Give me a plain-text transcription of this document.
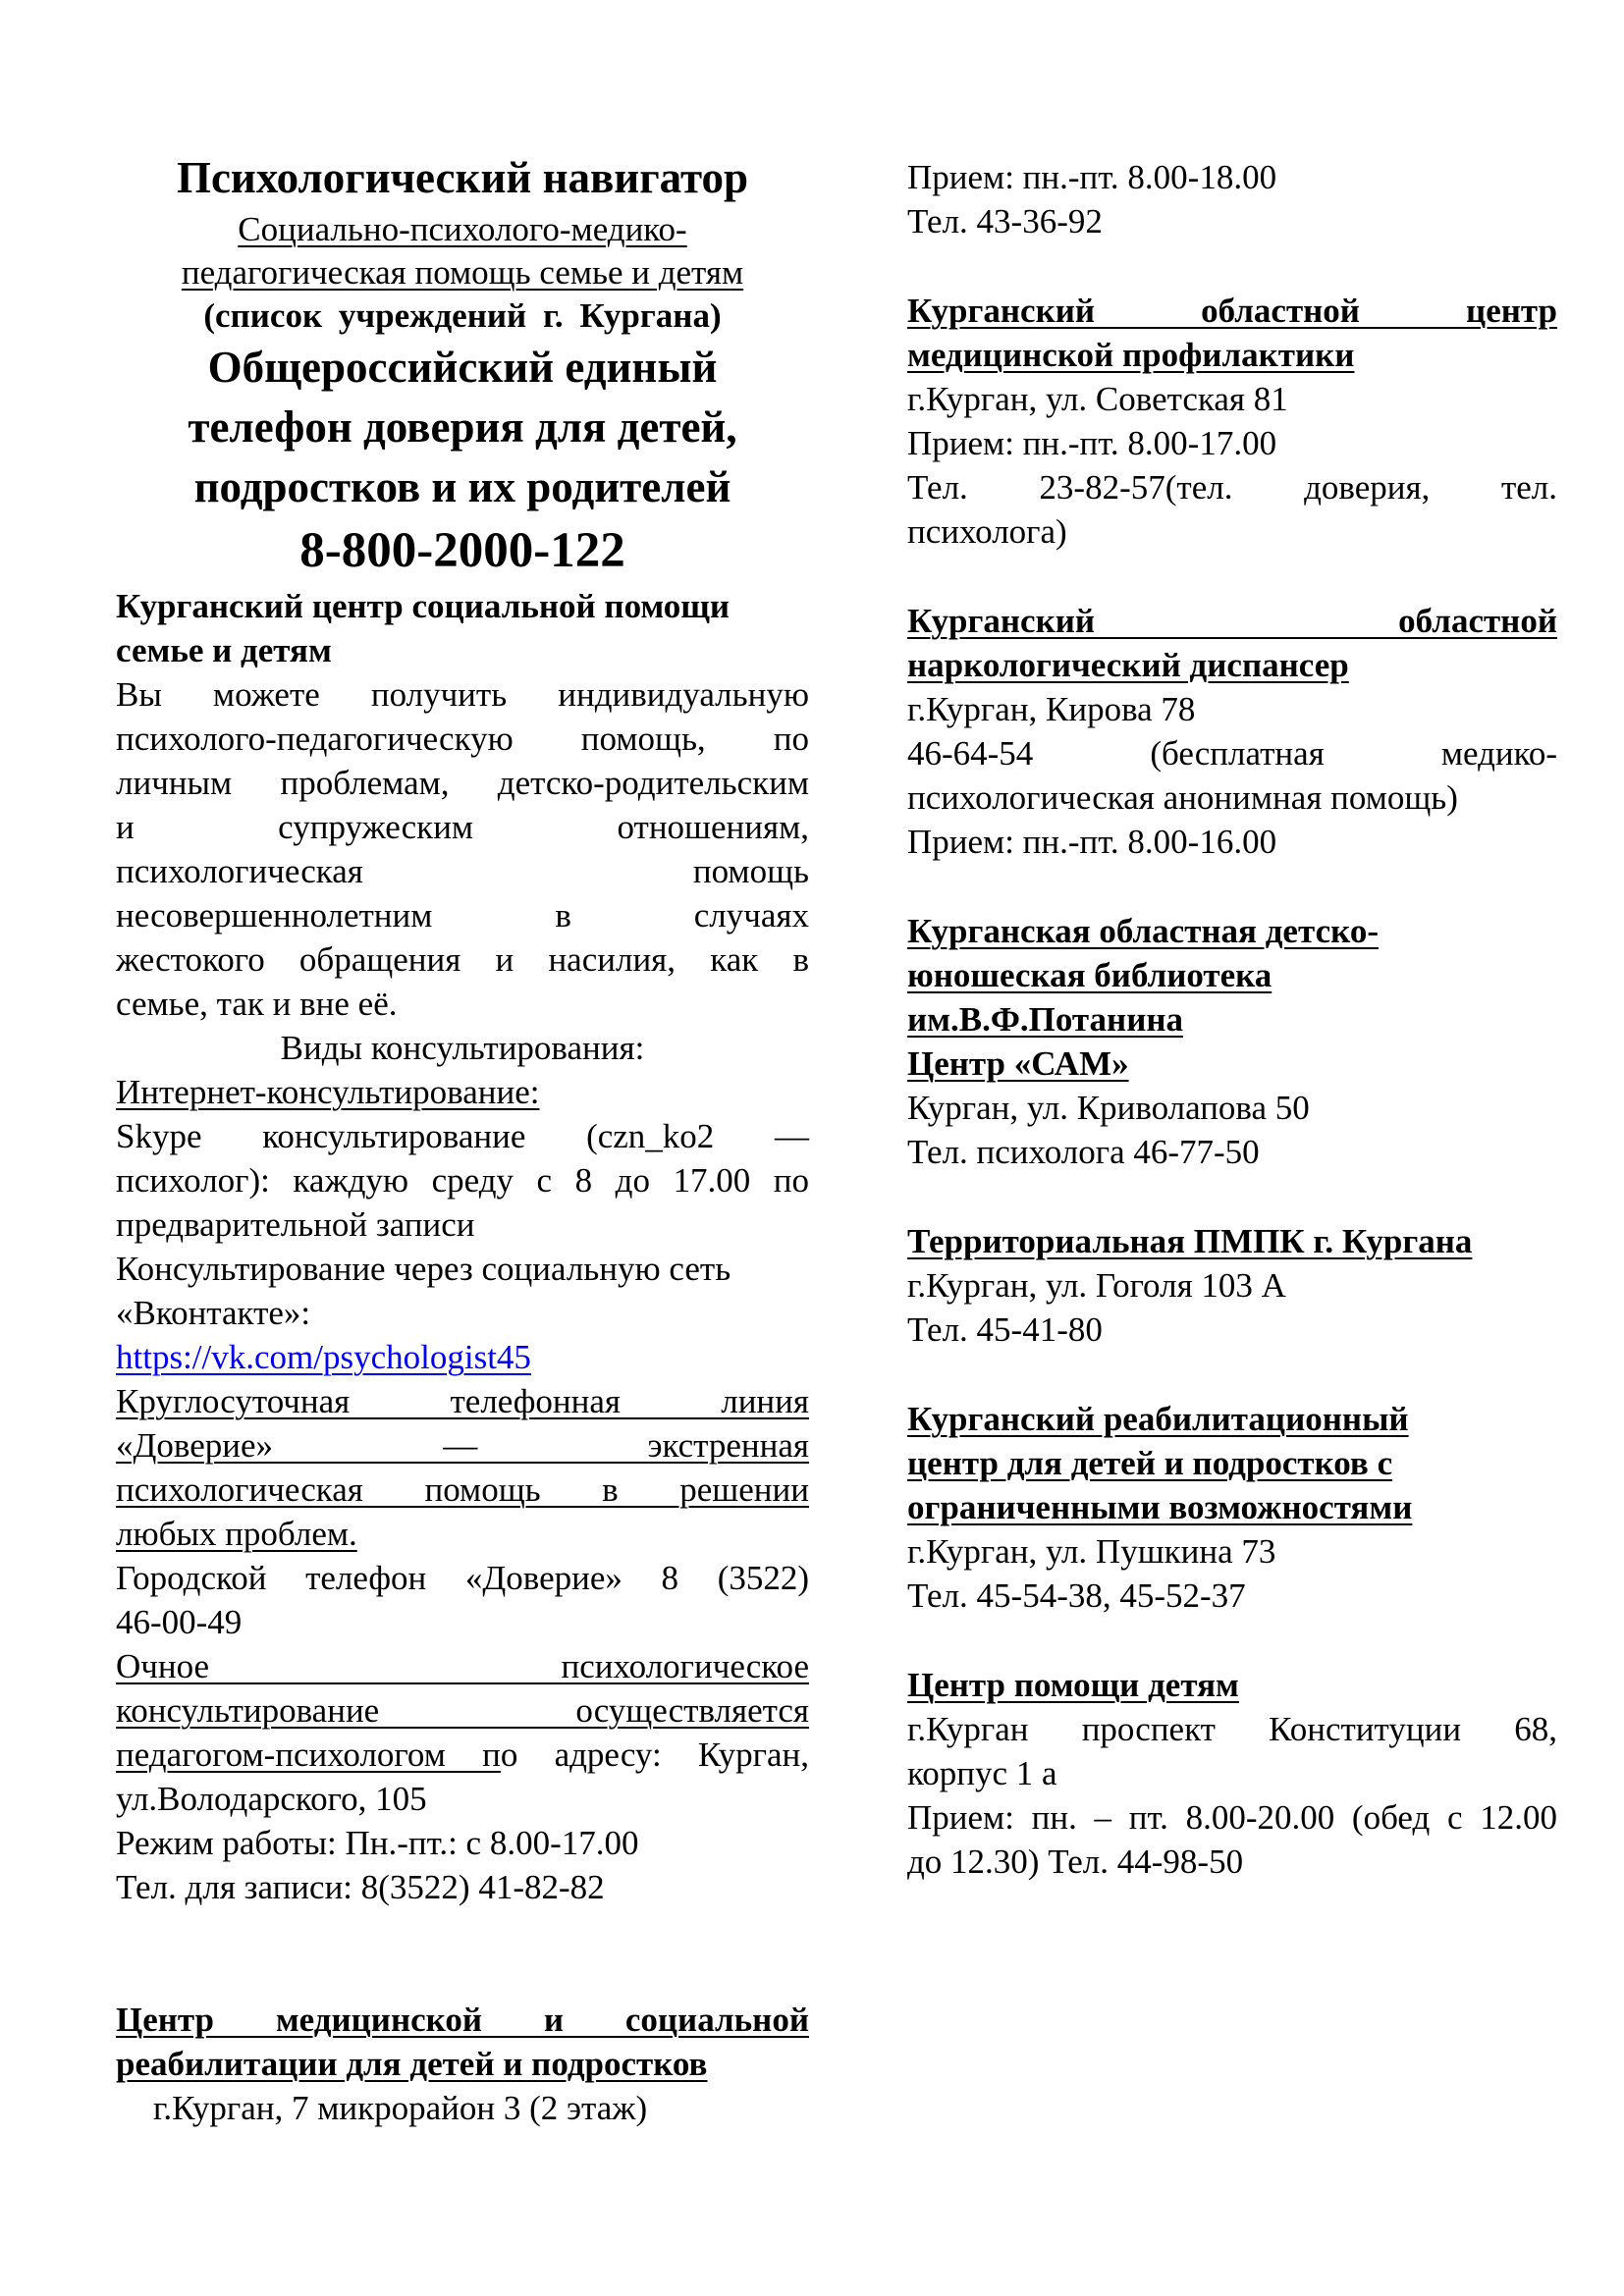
Психологический навигатор

Социально-психолого-медико-

педагогическая помощь семье и детям

(список учреждений г. Кургана)

Общероссийский единый

телефон доверия для детей,

подростков и их родителей

8-800-2000-122

Курганский центр социальной помощи

семье и детям

Вы можете получить индивидуальную

психолого-педагогическую помощь, по

личным проблемам, детско-родительским

и супружеским отношениям,

психологическая помощь

несовершеннолетним в случаях

жестокого обращения и насилия, как в

семье, так и вне её.

Виды консультирования:

Интернет-консультирование:

Skype консультирование (czn_ko2 —

психолог): каждую среду с 8 до 17.00 по

предварительной записи

Консультирование через социальную сеть

«Вконтакте»:

https://vk.com/psychologist45

Круглосуточная телефонная линия

«Доверие» — экстренная

психологическая помощь в решении

любых проблем.

Городской телефон «Доверие» 8 (3522)

46-00-49

Очное психологическое

консультирование осуществляется

педагогом-психологом по адресу: Курган,

ул.Володарского, 105

Режим работы: Пн.-пт.: с 8.00-17.00

Тел. для записи: 8(3522) 41-82-82

Центр медицинской и социальной

реабилитации для детей и подростков

г.Курган, 7 микрорайон 3 (2 этаж)

Прием: пн.-пт. 8.00-18.00

Тел. 43-36-92

Курганский областной центр

медицинской профилактики

г.Курган, ул. Советская 81

Прием: пн.-пт. 8.00-17.00

Тел. 23-82-57(тел. доверия, тел.

психолога)

Курганский областной

наркологический диспансер

г.Курган, Кирова 78

46-64-54 (бесплатная медико-

психологическая анонимная помощь)

Прием: пн.-пт. 8.00-16.00

Курганская областная детско-

юношеская библиотека

им.В.Ф.Потанина

Центр «САМ»

Курган, ул. Криволапова 50

Тел. психолога 46-77-50

Территориальная ПМПК г. Кургана

г.Курган, ул. Гоголя 103 А

Тел. 45-41-80

Курганский реабилитационный

центр для детей и подростков с

ограниченными возможностями

г.Курган, ул. Пушкина 73

Тел. 45-54-38, 45-52-37

Центр помощи детям

г.Курган проспект Конституции 68,

корпус 1 а

Прием: пн. – пт. 8.00-20.00 (обед с 12.00

до 12.30) Тел. 44-98-50
